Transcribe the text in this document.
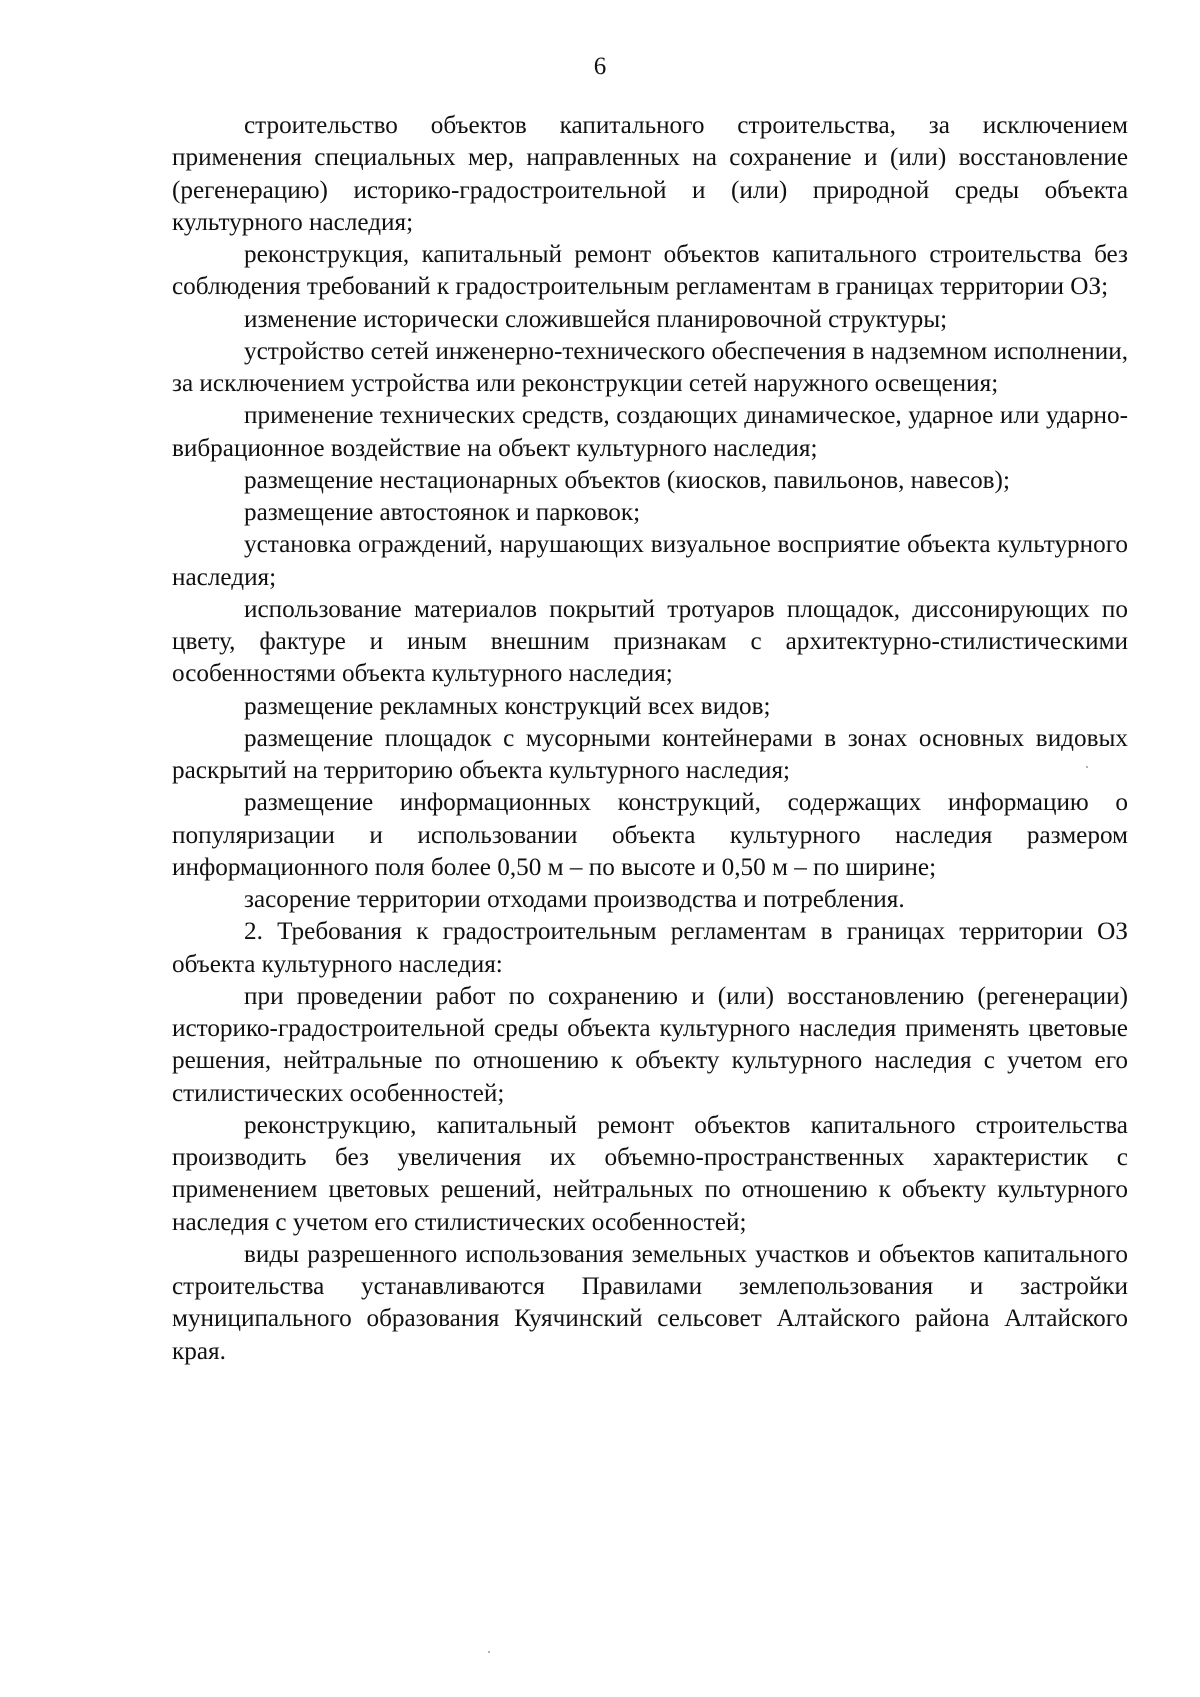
6

строительство объектов капитального строительства, за исключением применения специальных мер, направленных на сохранение и (или) восстановление (регенерацию) историко-градостроительной и (или) природной среды объекта культурного наследия;

реконструкция, капитальный ремонт объектов капитального строительства без соблюдения требований к градостроительным регламентам в границах территории ОЗ;

изменение исторически сложившейся планировочной структуры;

устройство сетей инженерно-технического обеспечения в надземном исполнении, за исключением устройства или реконструкции сетей наружного освещения;

применение технических средств, создающих динамическое, ударное или ударно-вибрационное воздействие на объект культурного наследия;

размещение нестационарных объектов (киосков, павильонов, навесов);

размещение автостоянок и парковок;

установка ограждений, нарушающих визуальное восприятие объекта культурного наследия;

использование материалов покрытий тротуаров площадок, диссонирующих по цвету, фактуре и иным внешним признакам с архитектурно-стилистическими особенностями объекта культурного наследия;

размещение рекламных конструкций всех видов;

размещение площадок с мусорными контейнерами в зонах основных видовых раскрытий на территорию объекта культурного наследия;

размещение информационных конструкций, содержащих информацию о популяризации и использовании объекта культурного наследия размером информационного поля более 0,50 м – по высоте и 0,50 м – по ширине;

засорение территории отходами производства и потребления.

2. Требования к градостроительным регламентам в границах территории ОЗ объекта культурного наследия:

при проведении работ по сохранению и (или) восстановлению (регенерации) историко-градостроительной среды объекта культурного наследия применять цветовые решения, нейтральные по отношению к объекту культурного наследия с учетом его стилистических особенностей;

реконструкцию, капитальный ремонт объектов капитального строительства производить без увеличения их объемно-пространственных характеристик с применением цветовых решений, нейтральных по отношению к объекту культурного наследия с учетом его стилистических особенностей;

виды разрешенного использования земельных участков и объектов капитального строительства устанавливаются Правилами землепользования и застройки муниципального образования Куячинский сельсовет Алтайского района Алтайского края.
